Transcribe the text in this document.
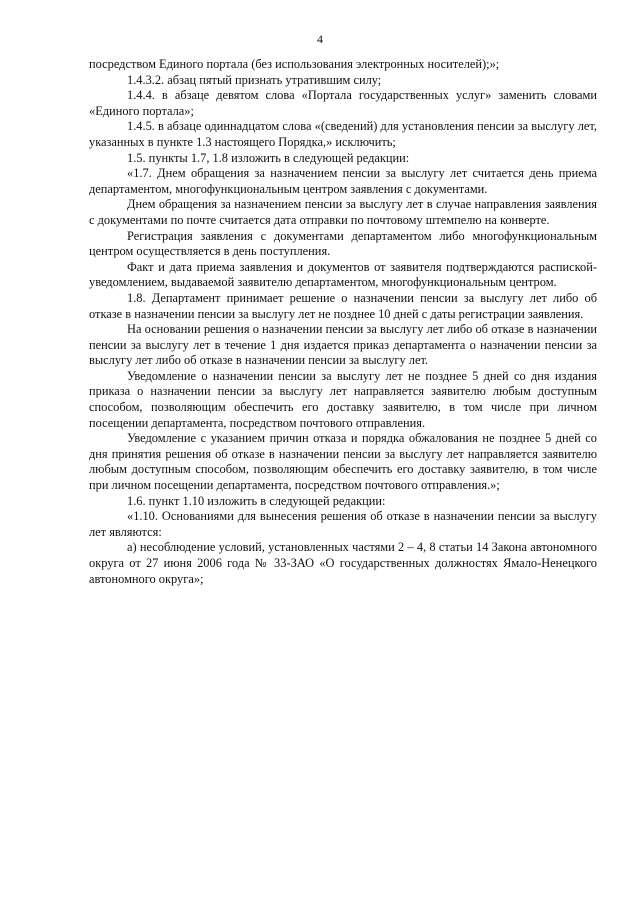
4

посредством Единого портала (без использования электронных носителей);»;

1.4.3.2. абзац пятый признать утратившим силу;

1.4.4. в абзаце девятом слова «Портала государственных услуг» заменить словами «Единого портала»;

1.4.5. в абзаце одиннадцатом слова «(сведений) для установления пенсии за выслугу лет, указанных в пункте 1.3 настоящего Порядка,» исключить;

1.5. пункты 1.7, 1.8 изложить в следующей редакции:

«1.7. Днем обращения за назначением пенсии за выслугу лет считается день приема департаментом, многофункциональным центром заявления с документами.

Днем обращения за назначением пенсии за выслугу лет в случае направления заявления с документами по почте считается дата отправки по почтовому штемпелю на конверте.

Регистрация заявления с документами департаментом либо многофункциональным центром осуществляется в день поступления.

Факт и дата приема заявления и документов от заявителя подтверждаются распиской-уведомлением, выдаваемой заявителю департаментом, многофункциональным центром.

1.8. Департамент принимает решение о назначении пенсии за выслугу лет либо об отказе в назначении пенсии за выслугу лет не позднее 10 дней с даты регистрации заявления.

На основании решения о назначении пенсии за выслугу лет либо об отказе в назначении пенсии за выслугу лет в течение 1 дня издается приказ департамента о назначении пенсии за выслугу лет либо об отказе в назначении пенсии за выслугу лет.

Уведомление о назначении пенсии за выслугу лет не позднее 5 дней со дня издания приказа о назначении пенсии за выслугу лет направляется заявителю любым доступным способом, позволяющим обеспечить его доставку заявителю, в том числе при личном посещении департамента, посредством почтового отправления.

Уведомление с указанием причин отказа и порядка обжалования не позднее 5 дней со дня принятия решения об отказе в назначении пенсии за выслугу лет направляется заявителю любым доступным способом, позволяющим обеспечить его доставку заявителю, в том числе при личном посещении департамента, посредством почтового отправления.»;

1.6. пункт 1.10 изложить в следующей редакции:

«1.10. Основаниями для вынесения решения об отказе в назначении пенсии за выслугу лет являются:

а) несоблюдение условий, установленных частями 2 – 4, 8 статьи 14 Закона автономного округа от 27 июня 2006 года № 33-ЗАО «О государственных должностях Ямало-Ненецкого автономного округа»;
